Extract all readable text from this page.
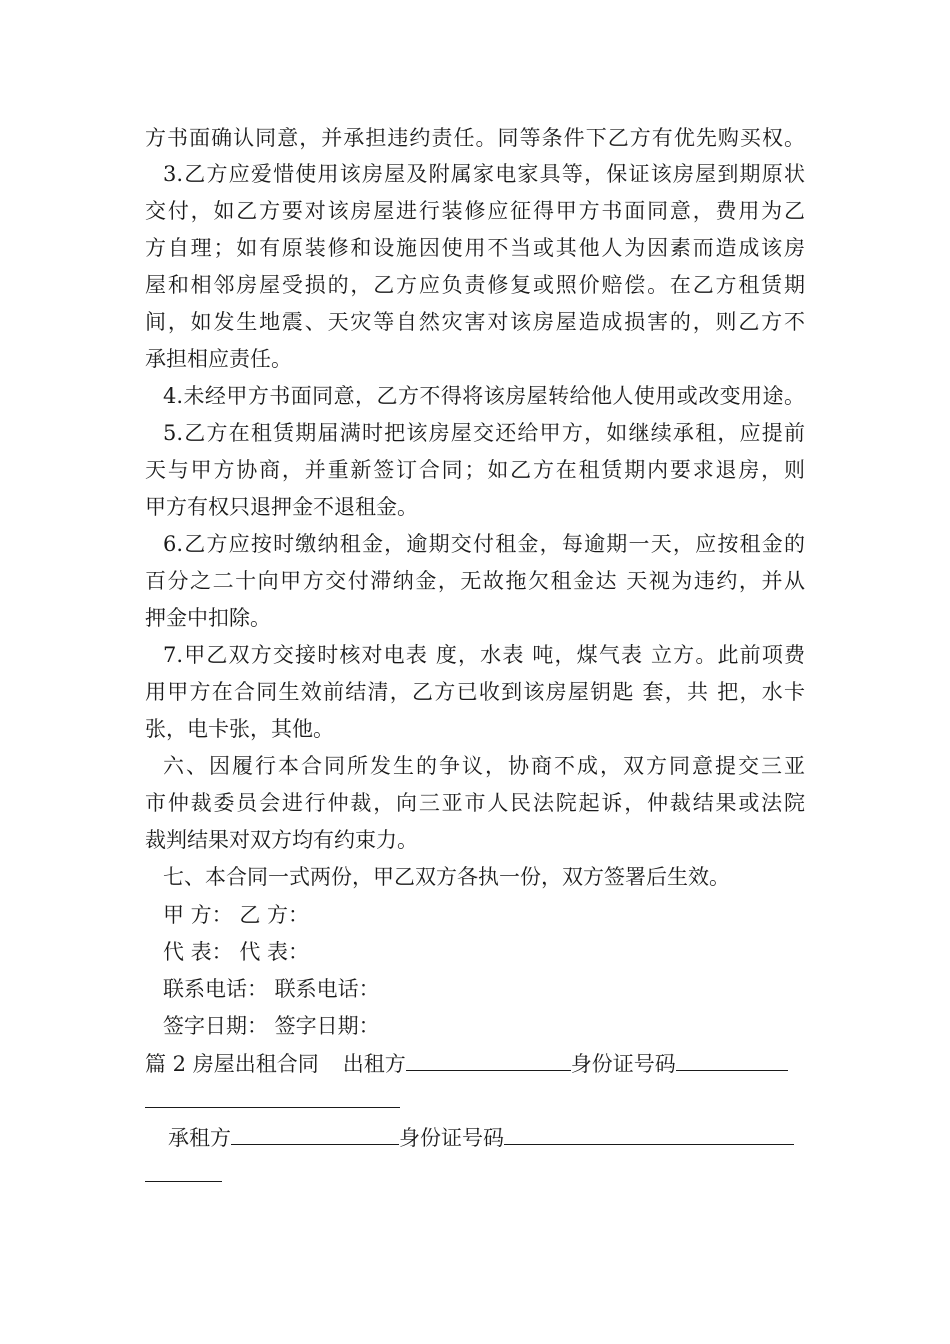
方书面确认同意，并承担违约责任。同等条件下乙方有优先购买权。
3.乙方应爱惜使用该房屋及附属家电家具等，保证该房屋到期原状
交付，如乙方要对该房屋进行装修应征得甲方书面同意，费用为乙
方自理；如有原装修和设施因使用不当或其他人为因素而造成该房
屋和相邻房屋受损的，乙方应负责修复或照价赔偿。在乙方租赁期
间，如发生地震、天灾等自然灾害对该房屋造成损害的，则乙方不
承担相应责任。
4.未经甲方书面同意，乙方不得将该房屋转给他人使用或改变用途。
5.乙方在租赁期届满时把该房屋交还给甲方，如继续承租，应提前
天与甲方协商，并重新签订合同；如乙方在租赁期内要求退房，则
甲方有权只退押金不退租金。
6.乙方应按时缴纳租金，逾期交付租金，每逾期一天，应按租金的
百分之二十向甲方交付滞纳金，无故拖欠租金达 天视为违约，并从
押金中扣除。
7.甲乙双方交接时核对电表 度，水表 吨，煤气表 立方。此前项费
用甲方在合同生效前结清，乙方已收到该房屋钥匙 套，共 把，水卡
张，电卡张，其他。
六、因履行本合同所发生的争议，协商不成，双方同意提交三亚
市仲裁委员会进行仲裁，向三亚市人民法院起诉，仲裁结果或法院
裁判结果对双方均有约束力。
七、本合同一式两份，甲乙双方各执一份，双方签署后生效。
甲 方： 乙 方：
代 表： 代 表：
联系电话： 联系电话：
签字日期： 签字日期：
篇 2 房屋出租合同 出租方	身份证号码
承租方	身份证号码
